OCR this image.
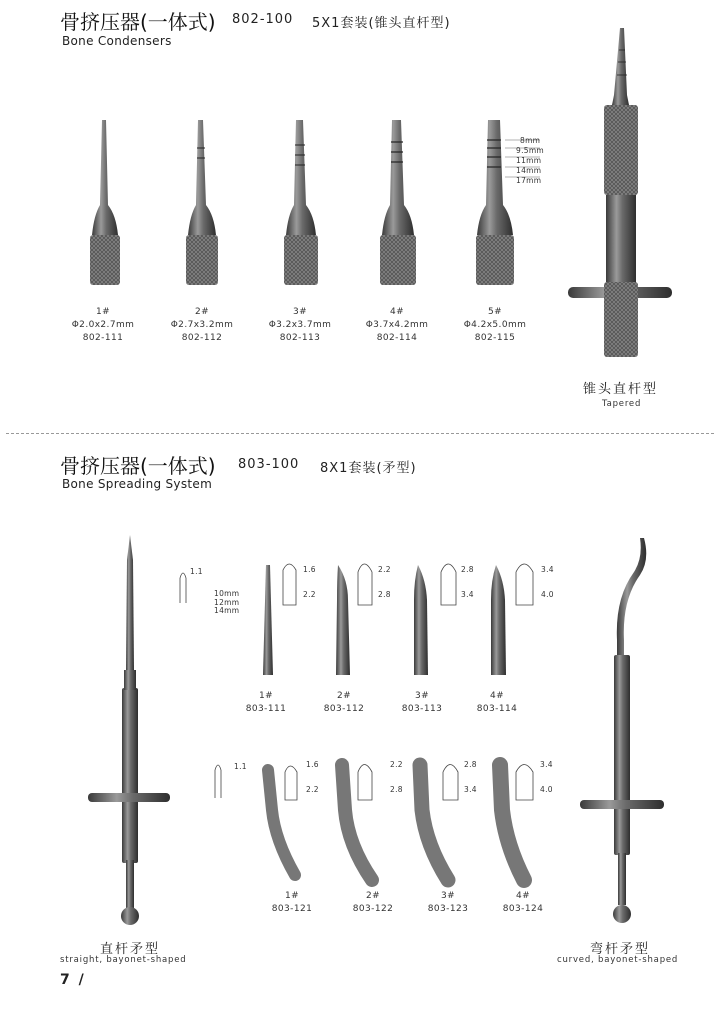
骨挤压器(一体式) 802-100 5X1套装(锥头直杆型)
Bone Condensers
8mm
9.5mm
11mm
14mm
17mm
1#
Φ2.0x2.7mm
802-111
2#
Φ2.7x3.2mm
802-112
3#
Φ3.2x3.7mm
802-113
4#
Φ3.7x4.2mm
802-114
5#
Φ4.2x5.0mm
802-115
锥头直杆型
Tapered
骨挤压器(一体式) 803-100 8X1套装(矛型)
Bone Spreading System
1.1
1.1
10mm
12mm
14mm
1.6
2.2
2.2
2.8
2.8
3.4
3.4
4.0
1.6
2.2
2.2
2.8
2.8
3.4
3.4
4.0
1#
803-111
2#
803-112
3#
803-113
4#
803-114
1#
803-121
2#
803-122
3#
803-123
4#
803-124
直杆矛型
straight, bayonet-shaped
弯杆矛型
curved, bayonet-shaped
7 /
